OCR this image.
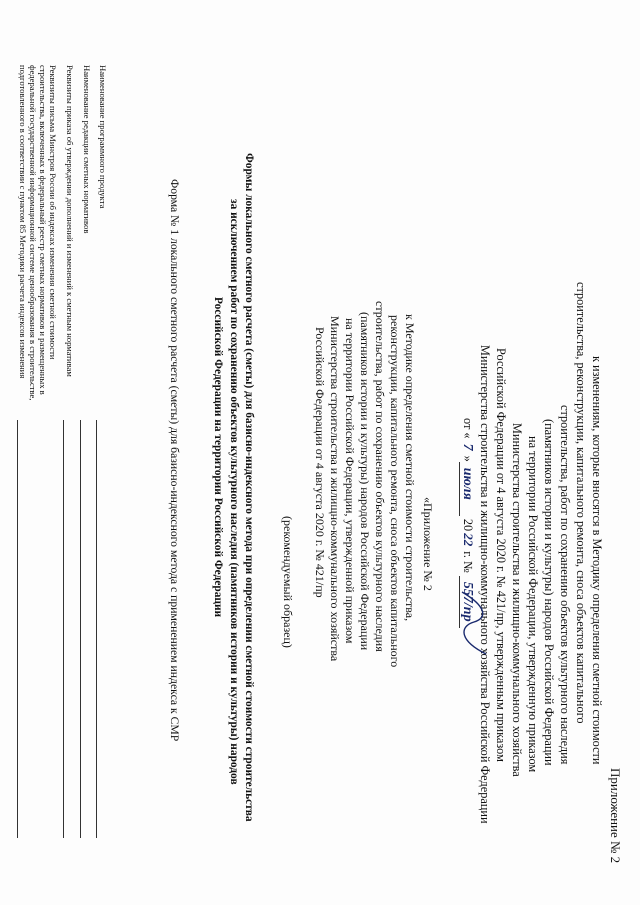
Приложение № 2
к изменениям, которые вносятся в Методику определения сметной стоимости
строительства, реконструкции, капитального ремонта, сноса объектов капитального
строительства, работ по сохранению объектов культурного наследия
(памятников истории и культуры) народов Российской Федерации
на территории Российской Федерации, утвержденную приказом
Министерства строительства и жилищно-коммунального хозяйства
Российской Федерации от 4 августа 2020 г. № 421/пр, утвержденным приказом
Министерства строительства и жилищно-коммунального хозяйства Российской Федерации
от «7»июля 2022 г. № 557/пр
«Приложение № 2
к Методике определения сметной стоимости строительства,
реконструкции, капитального ремонта, сноса объектов капитального
строительства, работ по сохранению объектов культурного наследия
(памятников истории и культуры) народов Российской Федерации
на территории Российской Федерации, утвержденной приказом
Министерства строительства и жилищно-коммунального хозяйства
Российской Федерации от 4 августа 2020 г. № 421/пр
(рекомендуемый образец)
Формы локального сметного расчета (сметы) для базисно-индексного метода при определении сметной стоимости строительства
за исключением работ по сохранению объектов культурного наследия (памятников истории и культуры) народов
Российской Федерации на территории Российской Федерации
Форма № 1 локального сметного расчета (сметы) для базисно-индексного метода с применением индекса к СМР
Наименование программного продукта
Наименование редакции сметных нормативов
Реквизиты приказа об утверждении дополнений и изменений к сметным нормативам
Реквизиты письма Минстроя России об индексах изменения сметной стоимости
строительства, включенных в федеральный реестр сметных нормативов и размещенных в
федеральной государственной информационной системе ценообразования в строительстве,
подготовленного в соответствии с пунктом 85 Методики расчета индексов изменения
